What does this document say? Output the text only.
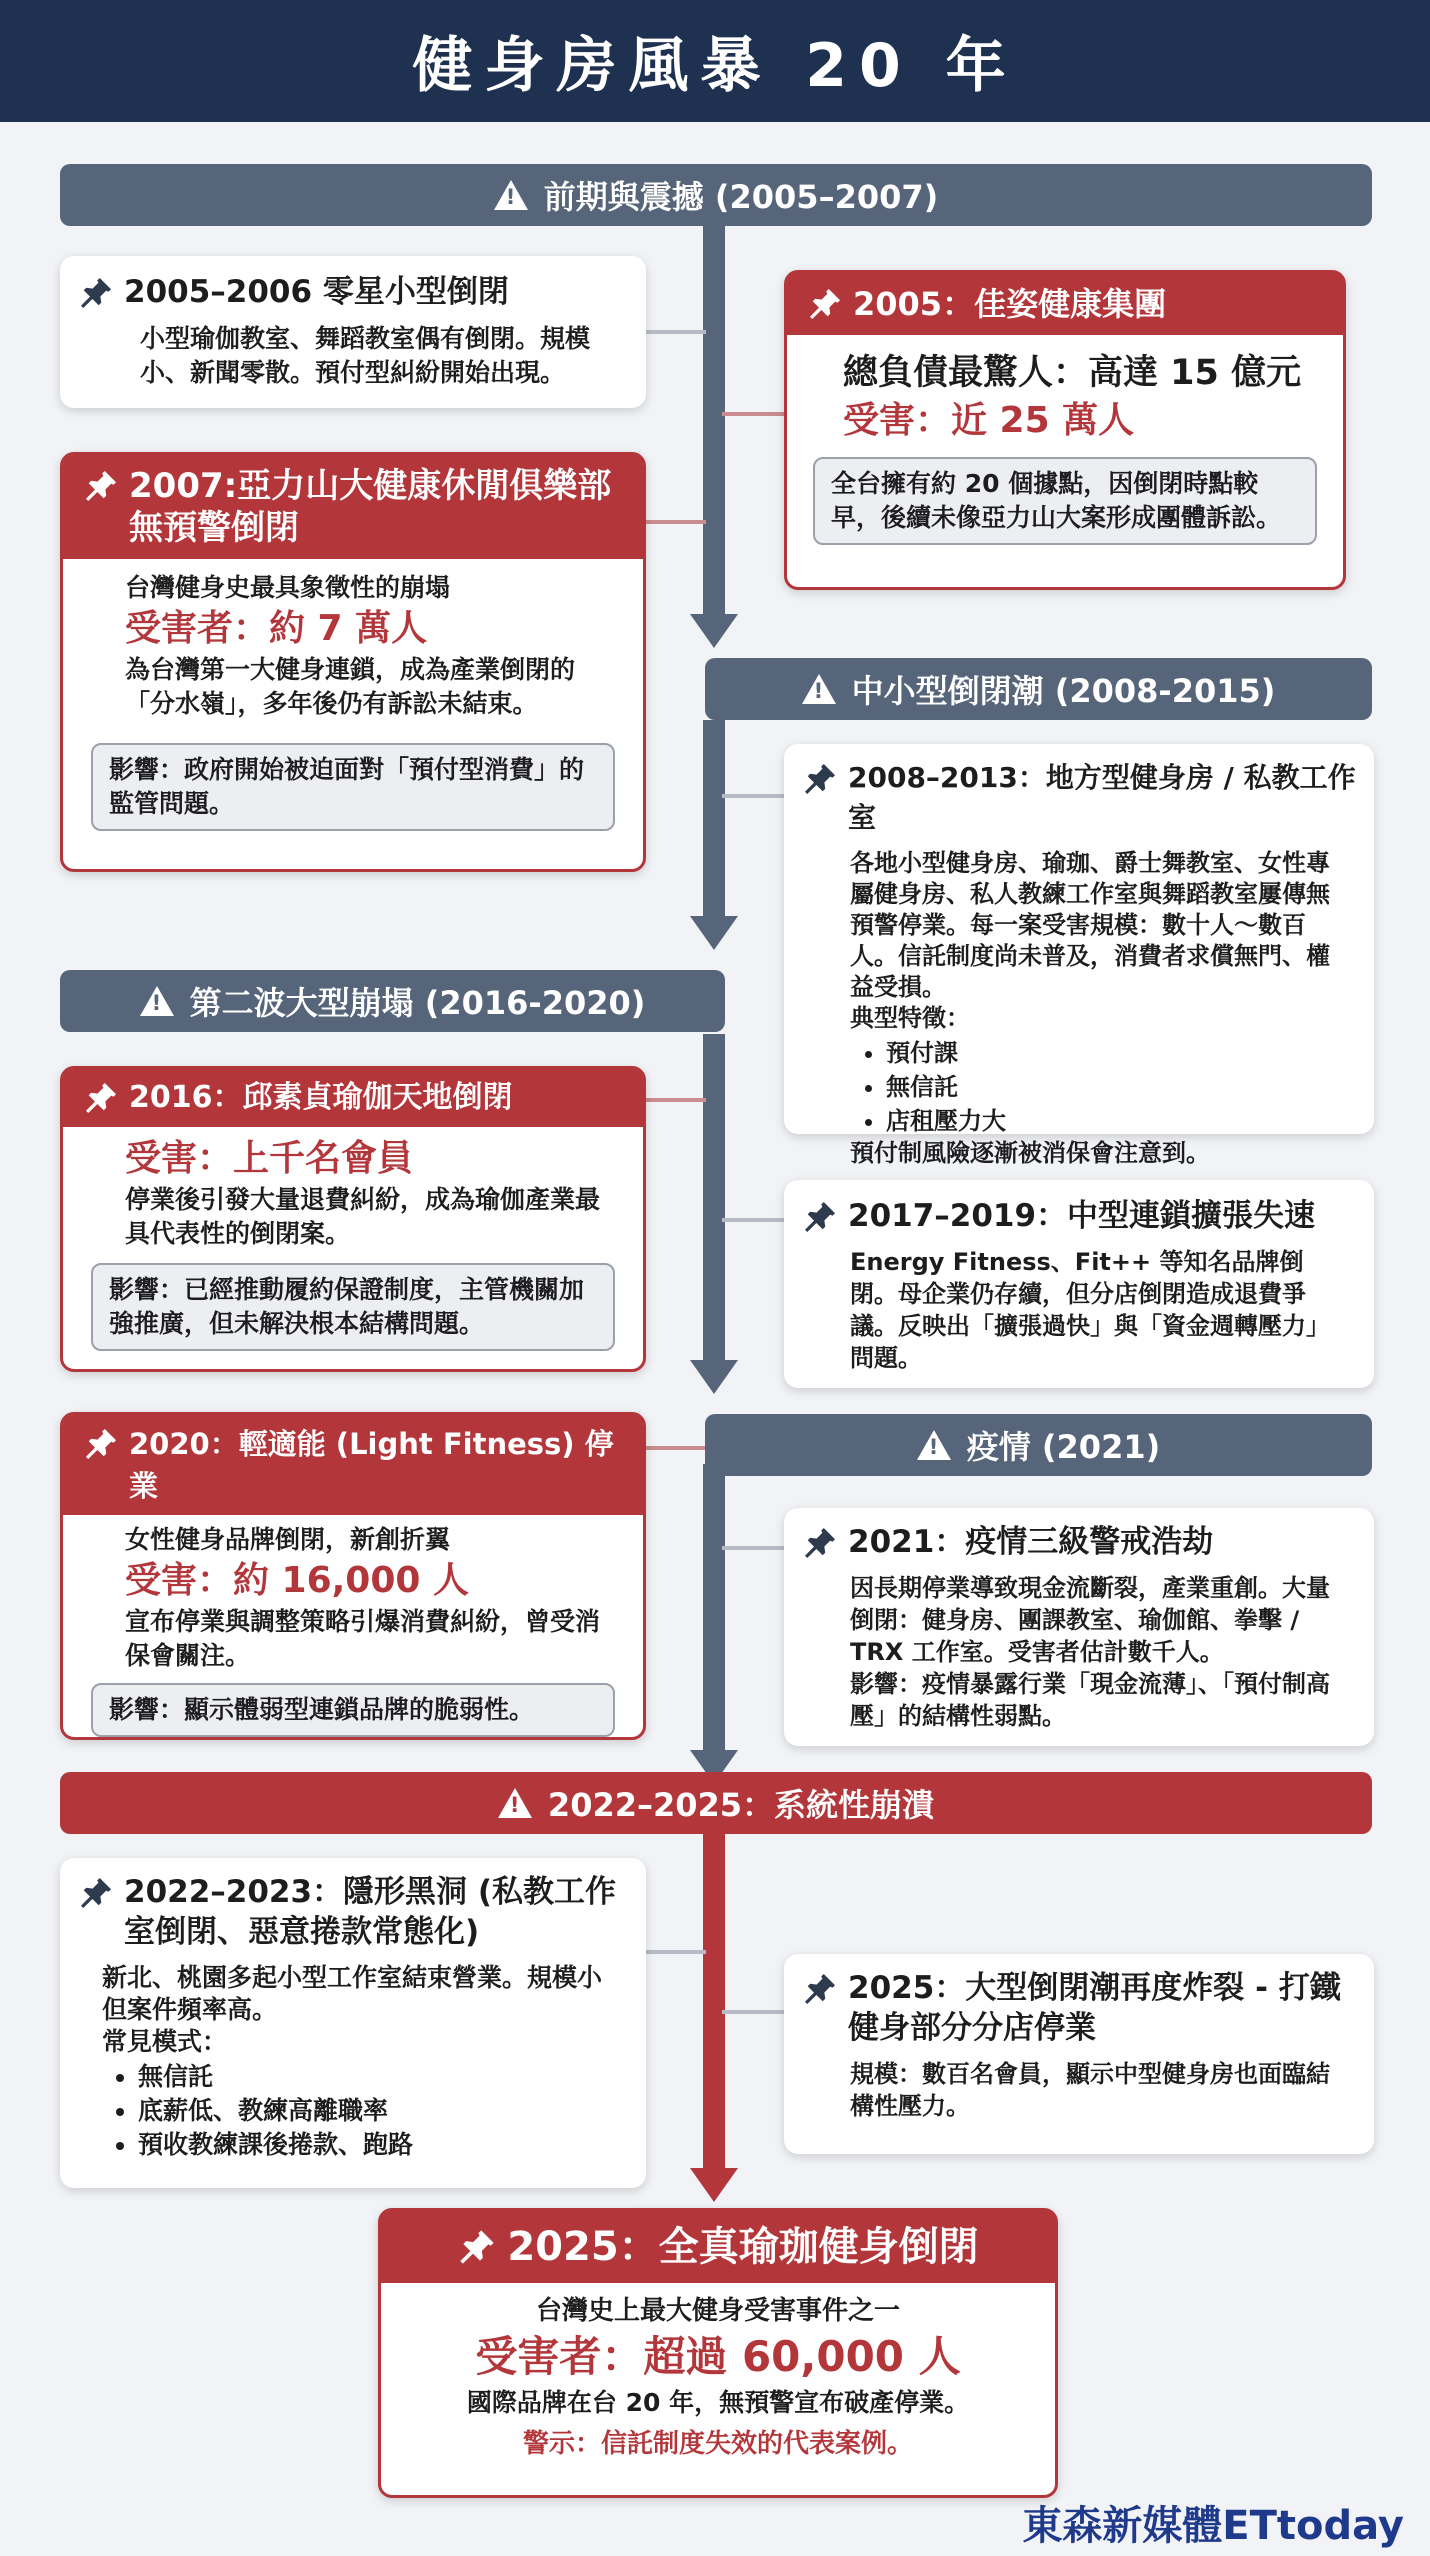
健身房風暴 20 年
!
前期與震撼 (2005–2007)
!
中小型倒閉潮 (2008-2015)
!
第二波大型崩塌 (2016-2020)
!
疫情 (2021)
!
2022–2025：系統性崩潰
2005–2006 零星小型倒閉
小型瑜伽教室、舞蹈教室偶有倒閉。規模小、新聞零散。預付型糾紛開始出現。
2005：佳姿健康集團
總負債最驚人：高達 15 億元
受害：近 25 萬人
全台擁有約 20 個據點，因倒閉時點較早，後續未像亞力山大案形成團體訴訟。
2007:亞力山大健康休閒俱樂部無預警倒閉
台灣健身史最具象徵性的崩塌
受害者：約 7 萬人
為台灣第一大健身連鎖，成為產業倒閉的「分水嶺」，多年後仍有訴訟未結束。
影響：政府開始被迫面對「預付型消費」的監管問題。
2008–2013：地方型健身房 / 私教工作室
各地小型健身房、瑜珈、爵士舞教室、女性專屬健身房、私人教練工作室與舞蹈教室屢傳無預警停業。每一案受害規模：數十人～數百人。信託制度尚未普及，消費者求償無門、權益受損。
典型特徵：
• 預付課
• 無信託
• 店租壓力大
預付制風險逐漸被消保會注意到。
2016：邱素貞瑜伽天地倒閉
受害：上千名會員
停業後引發大量退費糾紛，成為瑜伽產業最具代表性的倒閉案。
影響：已經推動履約保證制度，主管機關加強推廣，但未解決根本結構問題。
2017–2019：中型連鎖擴張失速
Energy Fitness、Fit++ 等知名品牌倒閉。母企業仍存續，但分店倒閉造成退費爭議。反映出「擴張過快」與「資金週轉壓力」問題。
2020：輕適能 (Light Fitness) 停業
女性健身品牌倒閉，新創折翼
受害：約 16,000 人
宣布停業與調整策略引爆消費糾紛，曾受消保會關注。
影響：顯示體弱型連鎖品牌的脆弱性。
2021：疫情三級警戒浩劫
因長期停業導致現金流斷裂，產業重創。大量倒閉：健身房、團課教室、瑜伽館、拳擊 / TRX 工作室。受害者估計數千人。
影響：疫情暴露行業「現金流薄」、「預付制高壓」的結構性弱點。
2022–2023：隱形黑洞 (私教工作室倒閉、惡意捲款常態化)
新北、桃園多起小型工作室結束營業。規模小但案件頻率高。
常見模式：
• 無信託
• 底薪低、教練高離職率
• 預收教練課後捲款、跑路
2025：大型倒閉潮再度炸裂 - 打鐵健身部分分店停業
規模：數百名會員，顯示中型健身房也面臨結構性壓力。
2025：全真瑜珈健身倒閉
台灣史上最大健身受害事件之一
受害者：超過 60,000 人
國際品牌在台 20 年，無預警宣布破產停業。
警示：信託制度失效的代表案例。
東森新媒體ETtoday
